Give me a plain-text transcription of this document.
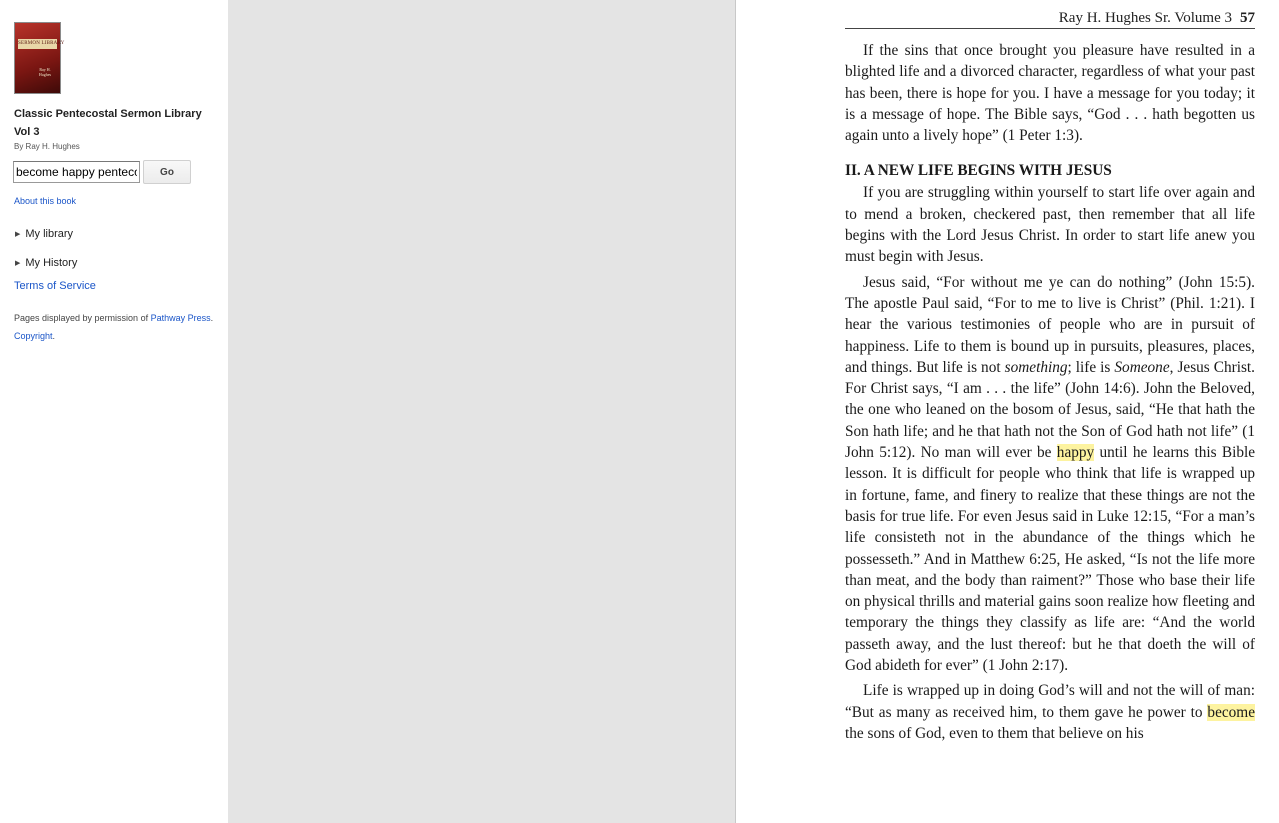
SERMON LIBRARY
Ray H. Hughes
Classic Pentecostal Sermon Library Vol 3
By Ray H. Hughes
become happy penteco
Go
About this book
▶ My library
▶ My History
Terms of Service
Pages displayed by permission of Pathway Press. Copyright.
Ray H. Hughes Sr. Volume 3 57

If the sins that once brought you pleasure have resulted in a blighted life and a divorced character, regardless of what your past has been, there is hope for you. I have a message for you today; it is a message of hope. The Bible says, “God . . . hath begotten us again unto a lively hope” (1 Peter 1:3).

II. A NEW LIFE BEGINS WITH JESUS

If you are struggling within yourself to start life over again and to mend a broken, checkered past, then remember that all life begins with the Lord Jesus Christ. In order to start life anew you must begin with Jesus.

Jesus said, “For without me ye can do nothing” (John 15:5). The apostle Paul said, “For to me to live is Christ” (Phil. 1:21). I hear the various testimonies of people who are in pursuit of happiness. Life to them is bound up in pursuits, pleasures, places, and things. But life is not something; life is Someone, Jesus Christ. For Christ says, “I am . . . the life” (John 14:6). John the Beloved, the one who leaned on the bosom of Jesus, said, “He that hath the Son hath life; and he that hath not the Son of God hath not life” (1 John 5:12). No man will ever be happy until he learns this Bible lesson. It is difficult for people who think that life is wrapped up in fortune, fame, and finery to realize that these things are not the basis for true life. For even Jesus said in Luke 12:15, “For a man’s life consisteth not in the abundance of the things which he possesseth.” And in Matthew 6:25, He asked, “Is not the life more than meat, and the body than raiment?” Those who base their life on physical thrills and material gains soon realize how fleeting and temporary the things they classify as life are: “And the world passeth away, and the lust thereof: but he that doeth the will of God abideth for ever” (1 John 2:17).

Life is wrapped up in doing God’s will and not the will of man: “But as many as received him, to them gave he power to become the sons of God, even to them that believe on his
